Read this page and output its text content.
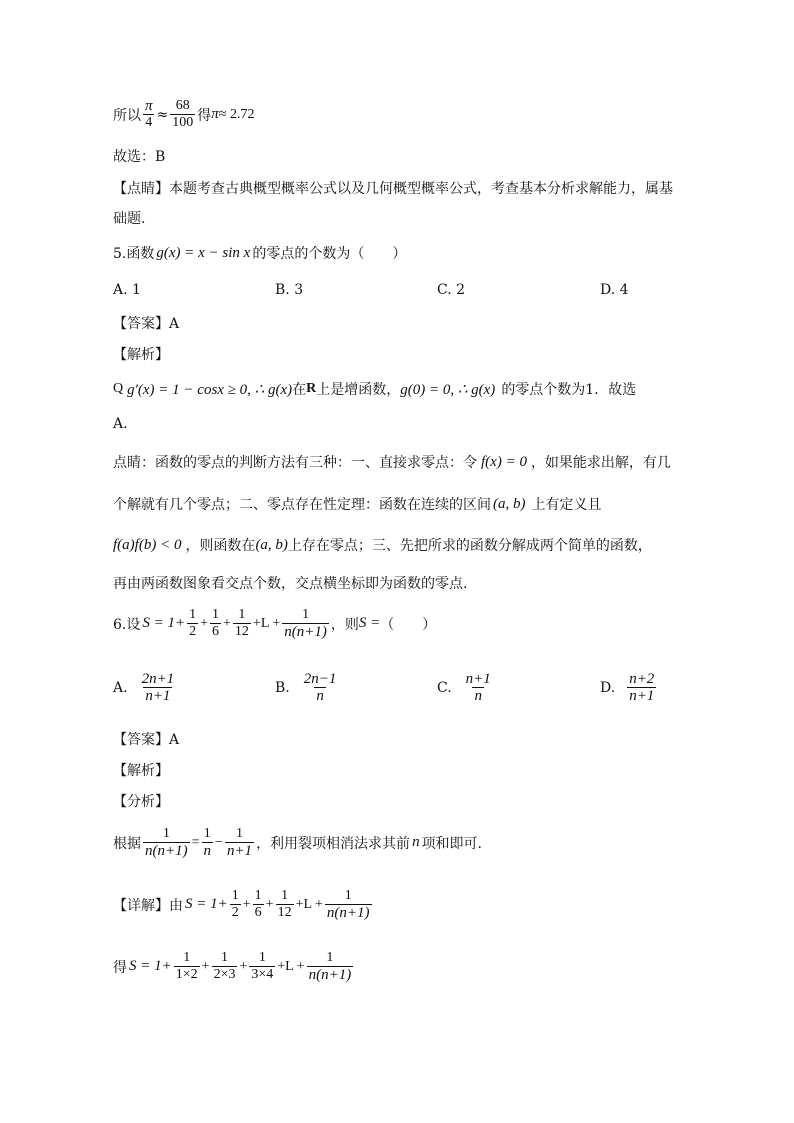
所以 $\frac{\pi}{4} \approx \frac{68}{100}$ 得 π ≈ 2.72
故选：B
【点睛】本题考查古典概型概率公式以及几何概型概率公式，考查基本分析求解能力，属基
础题.
5.函数 g(x) = x − sin x 的零点的个数为（　　）
A. 1	B. 3	C. 2	D. 4
【答案】A
【解析】
Q g′(x) = 1 − cosx ≥ 0, ∴ g(x) 在 R 上是增函数， g(0) = 0, ∴ g(x) 的零点个数为1．故选
A.
点睛：函数的零点的判断方法有三种：一、直接求零点：令 f(x) = 0 ，如果能求出解，有几
个解就有几个零点；二、零点存在性定理：函数在连续的区间 (a, b) 上有定义且
f(a)f(b) < 0 ，则函数在 (a, b) 上存在零点；三、先把所求的函数分解成两个简单的函数，
再由两函数图象看交点个数，交点横坐标即为函数的零点.
6.设 $S = 1+ \frac{1}{2} + \frac{1}{6} + \frac{1}{12} +L + \frac{1}{n(n+1)}$ ，则 S = （　　）
A. $\frac{2n+1}{n+1}$	B. $\frac{2n-1}{n}$	C. $\frac{n+1}{n}$	D. $\frac{n+2}{n+1}$
【答案】A
【解析】
【分析】
根据 $\frac{1}{n(n+1)} = \frac{1}{n} - \frac{1}{n+1}$ ，利用裂项相消法求其前 n 项和即可.
【详解】由 $S = 1+ \frac{1}{2} + \frac{1}{6} + \frac{1}{12} +L + \frac{1}{n(n+1)}$
得 $S = 1+ \frac{1}{1\times 2} + \frac{1}{2\times 3} + \frac{1}{3\times 4} +L + \frac{1}{n(n+1)}$
